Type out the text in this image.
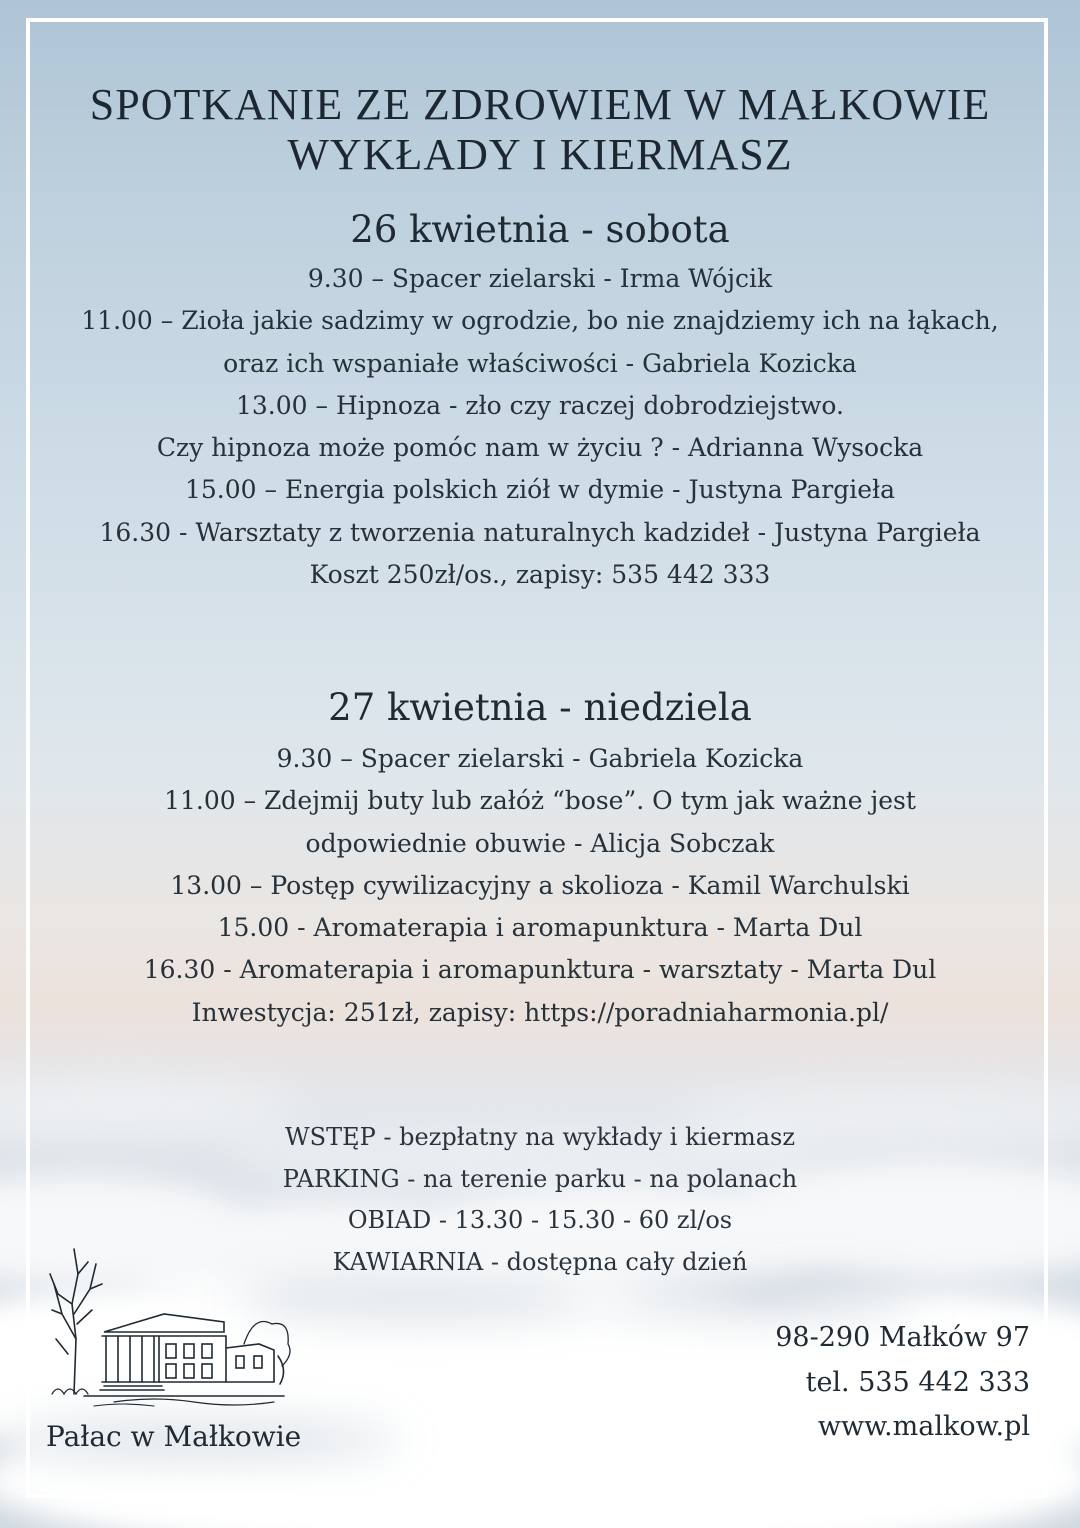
SPOTKANIE ZE ZDROWIEM W MAŁKOWIE
WYKŁADY I KIERMASZ
26 kwietnia - sobota
9.30 – Spacer zielarski - Irma Wójcik
11.00 – Zioła jakie sadzimy w ogrodzie, bo nie znajdziemy ich na łąkach,
oraz ich wspaniałe właściwości - Gabriela Kozicka
13.00 – Hipnoza - zło czy raczej dobrodziejstwo.
Czy hipnoza może pomóc nam w życiu ? - Adrianna Wysocka
15.00 – Energia polskich ziół w dymie - Justyna Pargieła
16.30 - Warsztaty z tworzenia naturalnych kadzideł - Justyna Pargieła
Koszt 250zł/os., zapisy: 535 442 333
27 kwietnia - niedziela
9.30 – Spacer zielarski - Gabriela Kozicka
11.00 – Zdejmij buty lub załóż “bose”. O tym jak ważne jest
odpowiednie obuwie - Alicja Sobczak
13.00 – Postęp cywilizacyjny a skolioza - Kamil Warchulski
15.00 - Aromaterapia i aromapunktura - Marta Dul
16.30 - Aromaterapia i aromapunktura - warsztaty - Marta Dul
Inwestycja: 251zł, zapisy: https://poradniaharmonia.pl/
WSTĘP - bezpłatny na wykłady i kiermasz
PARKING - na terenie parku - na polanach
OBIAD - 13.30 - 15.30 - 60 zl/os
KAWIARNIA - dostępna cały dzień
Pałac w Małkowie
98-290 Małków 97
tel. 535 442 333
www.malkow.pl
